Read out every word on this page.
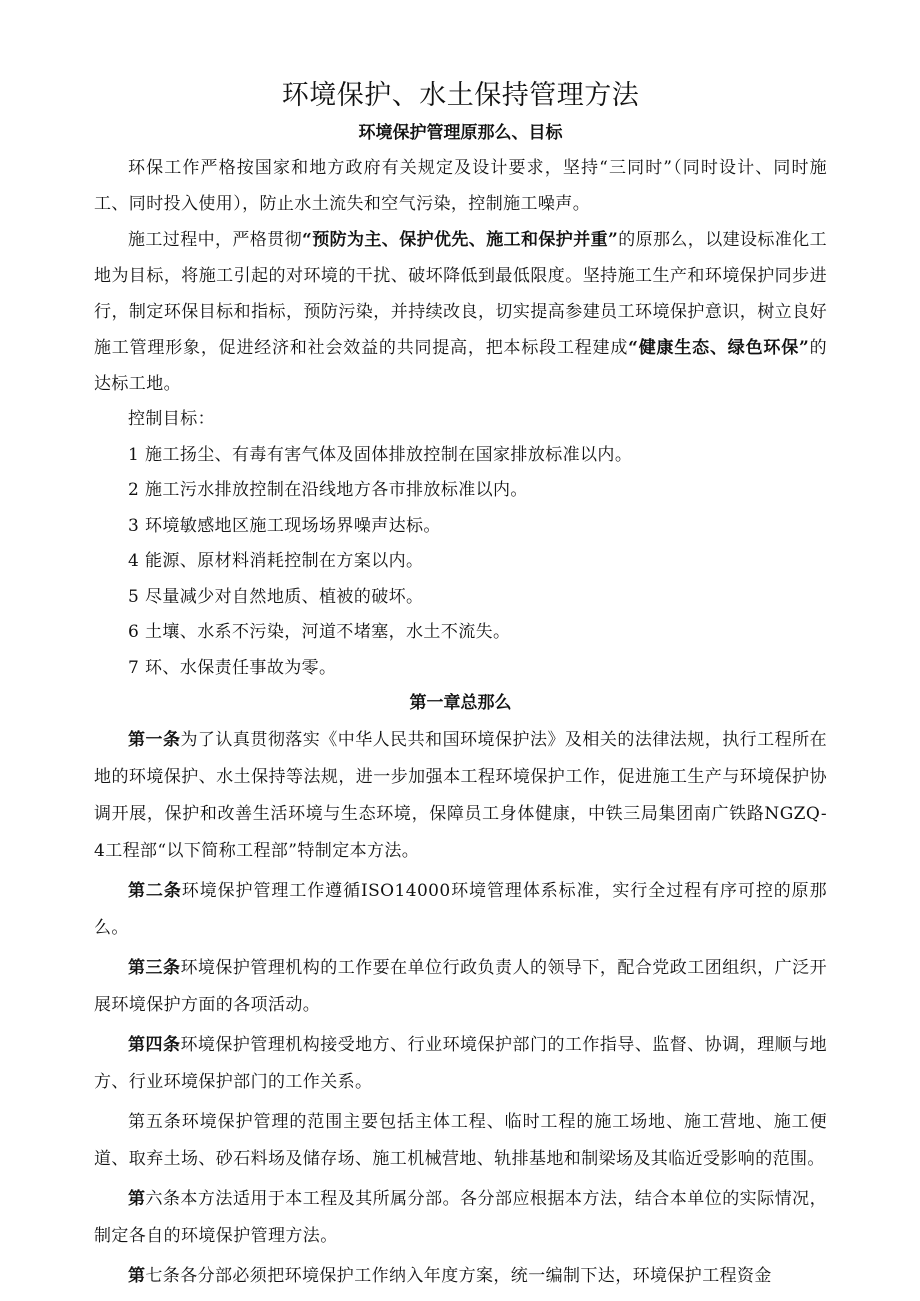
环境保护、水土保持管理方法
环境保护管理原那么、目标

环保工作严格按国家和地方政府有关规定及设计要求，坚持“三同时”（同时设计、同时施工、同时投入使用），防止水土流失和空气污染，控制施工噪声。

施工过程中，严格贯彻“预防为主、保护优先、施工和保护并重”的原那么，以建设标准化工地为目标，将施工引起的对环境的干扰、破坏降低到最低限度。坚持施工生产和环境保护同步进行，制定环保目标和指标，预防污染，并持续改良，切实提高参建员工环境保护意识，树立良好施工管理形象，促进经济和社会效益的共同提高，把本标段工程建成“健康生态、绿色环保”的达标工地。

控制目标：

1 施工扬尘、有毒有害气体及固体排放控制在国家排放标准以内。

2 施工污水排放控制在沿线地方各市排放标准以内。

3 环境敏感地区施工现场场界噪声达标。

4 能源、原材料消耗控制在方案以内。

5 尽量减少对自然地质、植被的破坏。

6 土壤、水系不污染，河道不堵塞，水土不流失。

7 环、水保责任事故为零。

第一章总那么

第一条为了认真贯彻落实《中华人民共和国环境保护法》及相关的法律法规，执行工程所在地的环境保护、水土保持等法规，进一步加强本工程环境保护工作，促进施工生产与环境保护协调开展，保护和改善生活环境与生态环境，保障员工身体健康，中铁三局集团南广铁路NGZQ-4工程部“以下简称工程部”特制定本方法。

第二条环境保护管理工作遵循ISO14000环境管理体系标准，实行全过程有序可控的原那么。

第三条环境保护管理机构的工作要在单位行政负责人的领导下，配合党政工团组织，广泛开展环境保护方面的各项活动。

第四条环境保护管理机构接受地方、行业环境保护部门的工作指导、监督、协调，理顺与地方、行业环境保护部门的工作关系。

第五条环境保护管理的范围主要包括主体工程、临时工程的施工场地、施工营地、施工便道、取弃土场、砂石料场及储存场、施工机械营地、轨排基地和制梁场及其临近受影响的范围。

第六条本方法适用于本工程及其所属分部。各分部应根据本方法，结合本单位的实际情况，制定各自的环境保护管理方法。

第七条各分部必须把环境保护工作纳入年度方案，统一编制下达，环境保护工程资金
